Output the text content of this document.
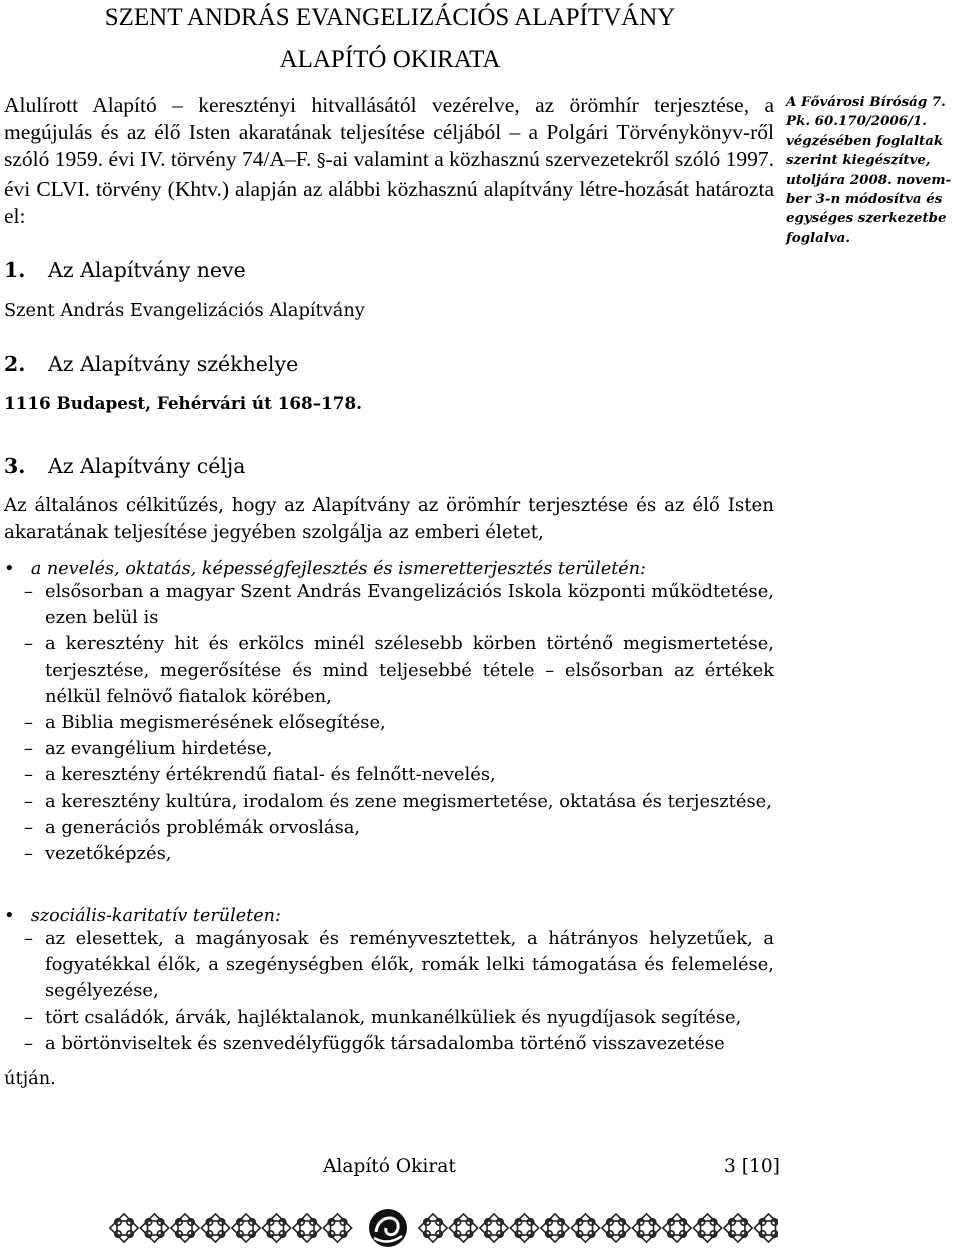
SZENT ANDRÁS EVANGELIZÁCIÓS ALAPÍTVÁNY
ALAPÍTÓ OKIRATA
Alulírott Alapító – keresztényi hitvallásától vezérelve, az örömhír terjesztése, a megújulás és az élő Isten akaratának teljesítése céljából – a Polgári Törvénykönyv-ről szóló 1959. évi IV. törvény 74/A–F. §-ai valamint a közhasznú szervezetekről szóló 1997. évi CLVI. törvény (Khtv.) alapján az alábbi közhasznú alapítvány létre-hozását határozta el:

A Fővárosi Bíróság 7. Pk. 60.170/2006/1. végzésében foglaltak szerint kiegészítve, utoljára 2008. novem-ber 3-n módosítva és egységes szerkezetbe foglalva.

1. Az Alapítvány neve
Szent András Evangelizációs Alapítvány
2. Az Alapítvány székhelye
1116 Budapest, Fehérvári út 168–178.
3. Az Alapítvány célja

Az általános célkitűzés, hogy az Alapítvány az örömhír terjesztése és az élő Isten akaratának teljesítése jegyében szolgálja az emberi életet,

• a nevelés, oktatás, képességfejlesztés és ismeretterjesztés területén:
– elsősorban a magyar Szent András Evangelizációs Iskola központi működtetése, ezen belül is
– a keresztény hit és erkölcs minél szélesebb körben történő megismertetése, terjesztése, megerősítése és mind teljesebbé tétele – elsősorban az értékek nélkül felnövő fiatalok körében,
– a Biblia megismerésének elősegítése,
– az evangélium hirdetése,
– a keresztény értékrendű fiatal- és felnőtt-nevelés,
– a keresztény kultúra, irodalom és zene megismertetése, oktatása és terjesztése,
– a generációs problémák orvoslása,
– vezetőképzés,
• szociális-karitatív területen:
– az elesettek, a magányosak és reményvesztettek, a hátrányos helyzetűek, a fogyatékkal élők, a szegénységben élők, romák lelki támogatása és felemelése, segélyezése,
– tört családók, árvák, hajléktalanok, munkanélküliek és nyugdíjasok segítése,
– a börtönviseltek és szenvedélyfüggők társadalomba történő visszavezetése
útján.
Alapító Okirat	3 [10]
